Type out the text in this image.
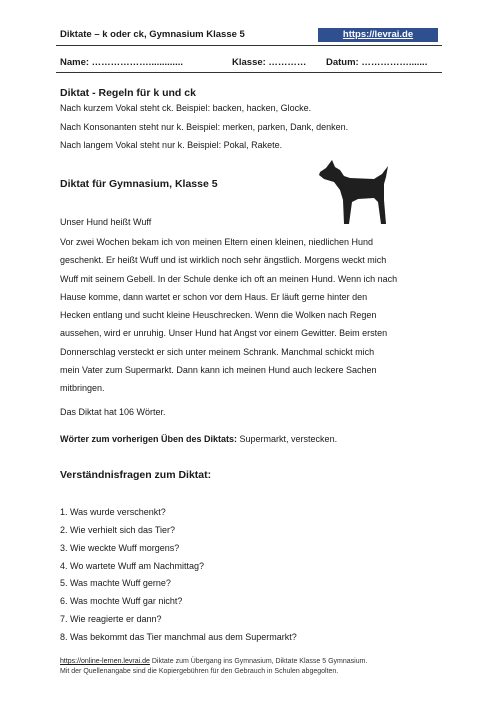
Diktate – k oder ck, Gymnasium Klasse 5	https://levrai.de
Name: ……………….............	Klasse: ………… Datum: …………….......
Diktat - Regeln für k und ck
Nach kurzem Vokal steht ck. Beispiel: backen, hacken, Glocke.
Nach Konsonanten steht nur k. Beispiel: merken, parken, Dank, denken.
Nach langem Vokal steht nur k. Beispiel: Pokal, Rakete.
Diktat für Gymnasium, Klasse 5
Unser Hund heißt Wuff
Vor zwei Wochen bekam ich von meinen Eltern einen kleinen, niedlichen Hund
geschenkt. Er heißt Wuff und ist wirklich noch sehr ängstlich. Morgens weckt mich
Wuff mit seinem Gebell. In der Schule denke ich oft an meinen Hund. Wenn ich nach
Hause komme, dann wartet er schon vor dem Haus. Er läuft gerne hinter den
Hecken entlang und sucht kleine Heuschrecken. Wenn die Wolken nach Regen
aussehen, wird er unruhig. Unser Hund hat Angst vor einem Gewitter. Beim ersten
Donnerschlag versteckt er sich unter meinem Schrank. Manchmal schickt mich
mein Vater zum Supermarkt. Dann kann ich meinen Hund auch leckere Sachen
mitbringen.
Das Diktat hat 106 Wörter.
Wörter zum vorherigen Üben des Diktats: Supermarkt, verstecken.
Verständnisfragen zum Diktat:
1. Was wurde verschenkt?
2. Wie verhielt sich das Tier?
3. Wie weckte Wuff morgens?
4. Wo wartete Wuff am Nachmittag?
5. Was machte Wuff gerne?
6. Was mochte Wuff gar nicht?
7. Wie reagierte er dann?
8. Was bekommt das Tier manchmal aus dem Supermarkt?
https://online-lernen.levrai.de Diktate zum Übergang ins Gymnasium, Diktate Klasse 5 Gymnasium.
Mit der Quellenangabe sind die Kopiergebühren für den Gebrauch in Schulen abgegolten.
